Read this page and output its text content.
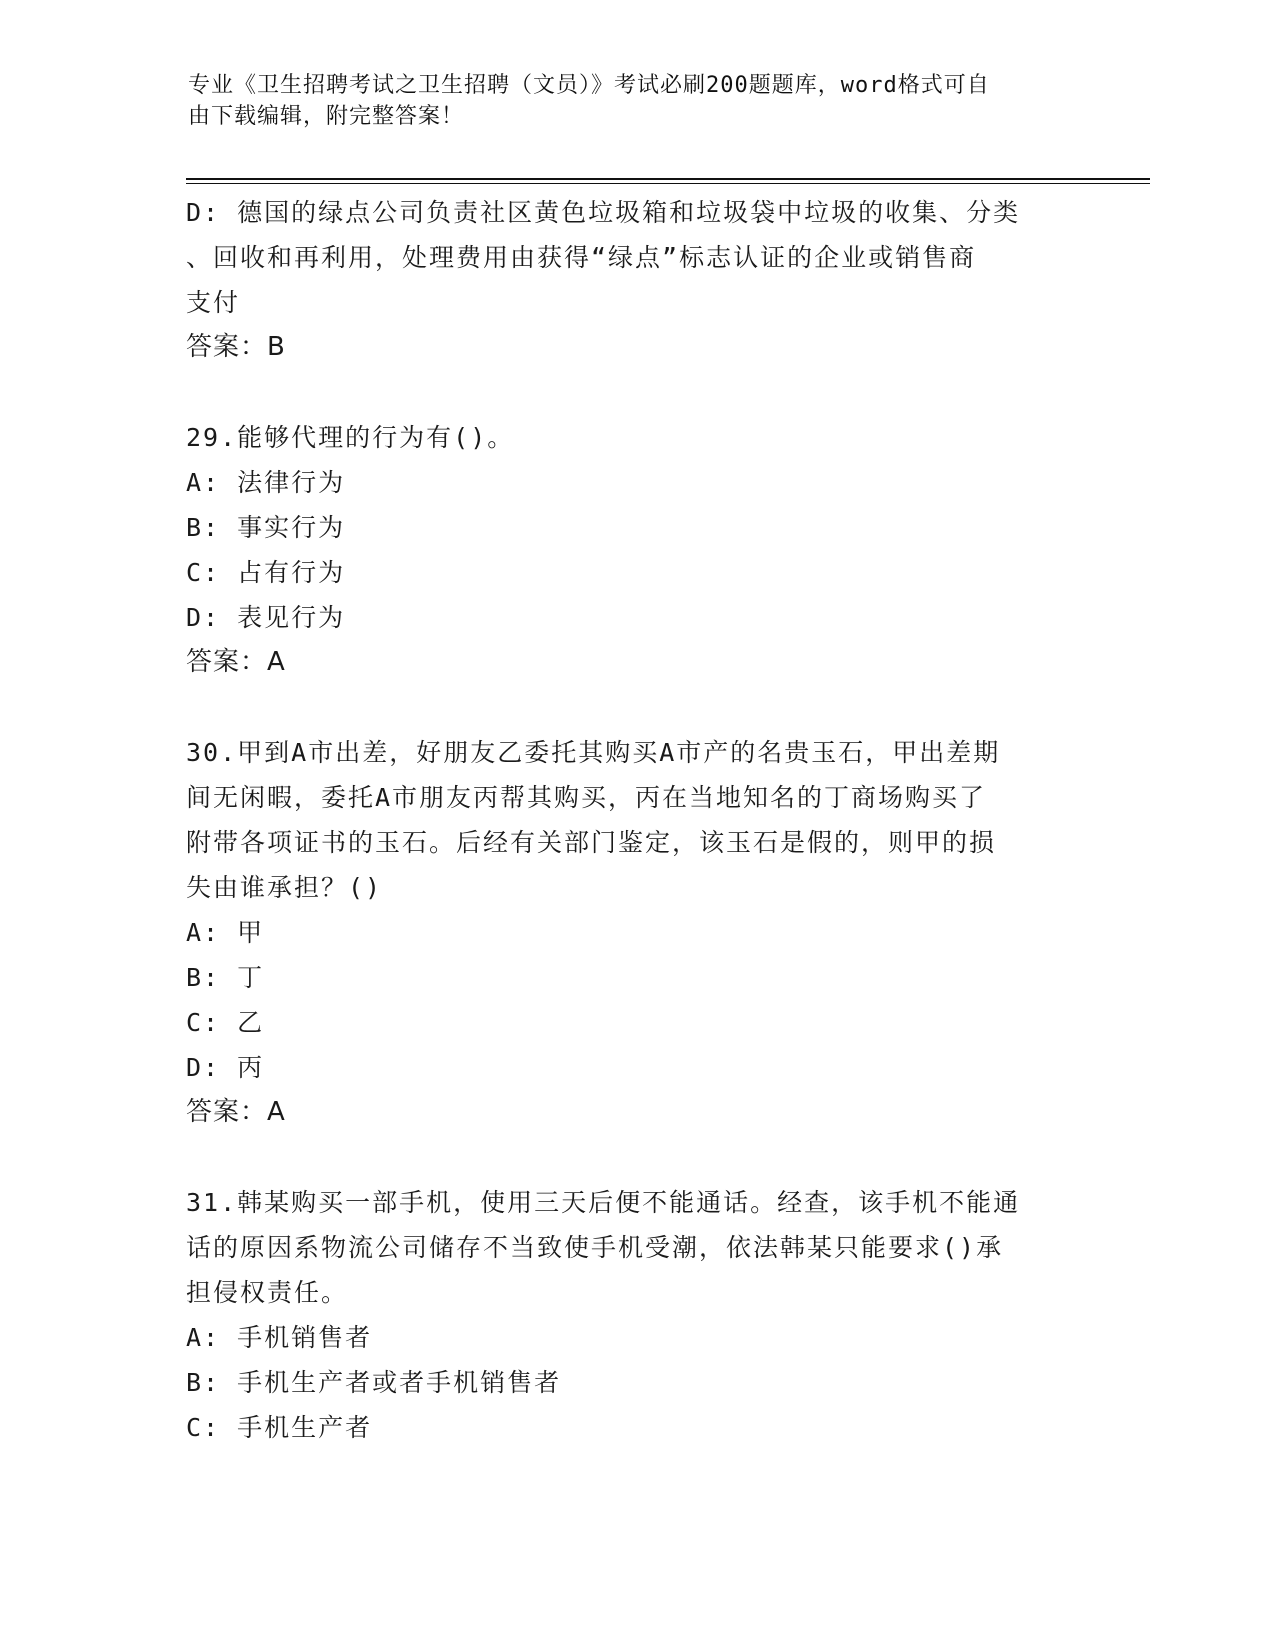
专业《卫生招聘考试之卫生招聘（文员）》考试必刷200题题库，word格式可自
由下载编辑，附完整答案！

D: 德国的绿点公司负责社区黄色垃圾箱和垃圾袋中垃圾的收集、分类

、回收和再利用，处理费用由获得“绿点”标志认证的企业或销售商

支付

答案：B

29.能够代理的行为有()。

A: 法律行为

B: 事实行为

C: 占有行为

D: 表见行为

答案：A

30.甲到A市出差，好朋友乙委托其购买A市产的名贵玉石，甲出差期

间无闲暇，委托A市朋友丙帮其购买，丙在当地知名的丁商场购买了

附带各项证书的玉石。后经有关部门鉴定，该玉石是假的，则甲的损

失由谁承担？()

A: 甲

B: 丁

C: 乙

D: 丙

答案：A

31.韩某购买一部手机，使用三天后便不能通话。经查，该手机不能通

话的原因系物流公司储存不当致使手机受潮，依法韩某只能要求()承

担侵权责任。

A: 手机销售者

B: 手机生产者或者手机销售者

C: 手机生产者
